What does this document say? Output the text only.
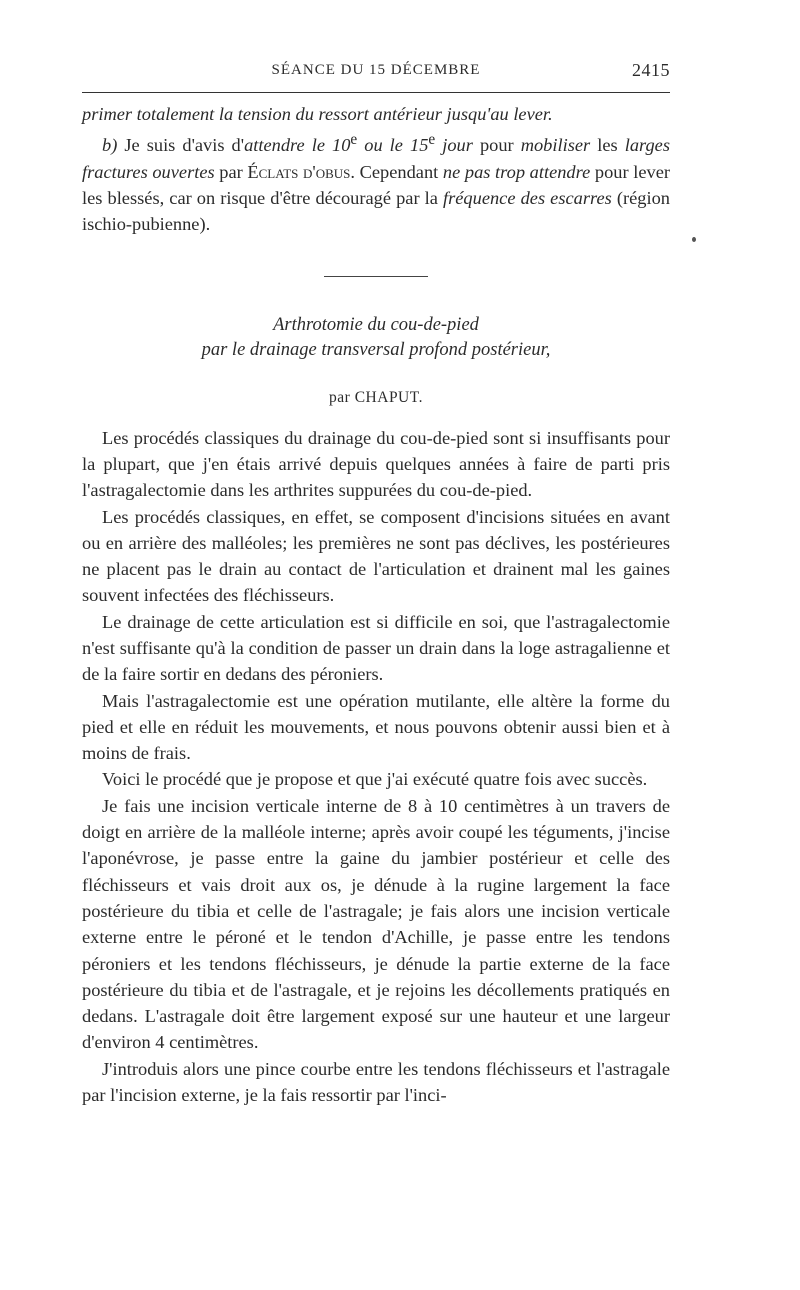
SÉANCE DU 15 DÉCEMBRE	2415

primer totalement la tension du ressort antérieur jusqu'au lever.

b) Je suis d'avis d'attendre le 10e ou le 15e jour pour mobiliser les larges fractures ouvertes par Éclats d'obus. Cependant ne pas trop attendre pour lever les blessés, car on risque d'être découragé par la fréquence des escarres (région ischio-pubienne).

Arthrotomie du cou-de-pied
par le drainage transversal profond postérieur,
par CHAPUT.

Les procédés classiques du drainage du cou-de-pied sont si insuffisants pour la plupart, que j'en étais arrivé depuis quelques années à faire de parti pris l'astragalectomie dans les arthrites suppurées du cou-de-pied.

Les procédés classiques, en effet, se composent d'incisions situées en avant ou en arrière des malléoles; les premières ne sont pas déclives, les postérieures ne placent pas le drain au contact de l'articulation et drainent mal les gaines souvent infectées des fléchisseurs.

Le drainage de cette articulation est si difficile en soi, que l'astragalectomie n'est suffisante qu'à la condition de passer un drain dans la loge astragalienne et de la faire sortir en dedans des péroniers.

Mais l'astragalectomie est une opération mutilante, elle altère la forme du pied et elle en réduit les mouvements, et nous pouvons obtenir aussi bien et à moins de frais.

Voici le procédé que je propose et que j'ai exécuté quatre fois avec succès.

Je fais une incision verticale interne de 8 à 10 centimètres à un travers de doigt en arrière de la malléole interne; après avoir coupé les téguments, j'incise l'aponévrose, je passe entre la gaine du jambier postérieur et celle des fléchisseurs et vais droit aux os, je dénude à la rugine largement la face postérieure du tibia et celle de l'astragale; je fais alors une incision verticale externe entre le péroné et le tendon d'Achille, je passe entre les tendons péroniers et les tendons fléchisseurs, je dénude la partie externe de la face postérieure du tibia et de l'astragale, et je rejoins les décollements pratiqués en dedans. L'astragale doit être largement exposé sur une hauteur et une largeur d'environ 4 centimètres.

J'introduis alors une pince courbe entre les tendons fléchisseurs et l'astragale par l'incision externe, je la fais ressortir par l'inci-
